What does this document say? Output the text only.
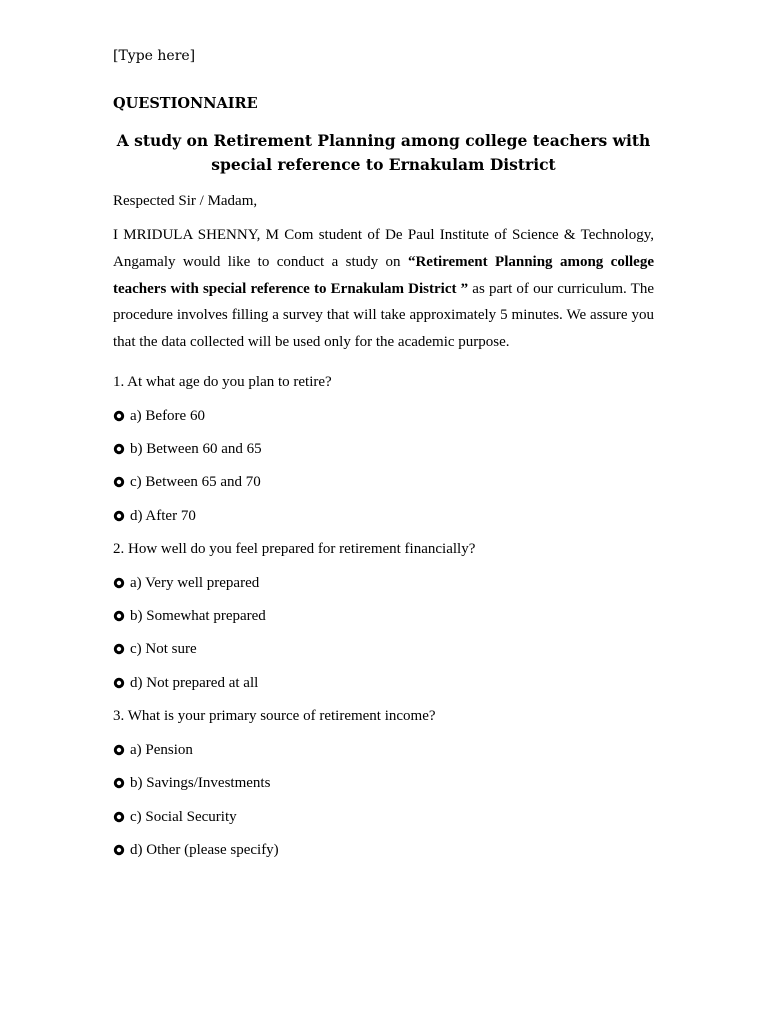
[Type here]
QUESTIONNAIRE
A study on Retirement Planning among college teachers with
special reference to Ernakulam District
Respected Sir / Madam,

I MRIDULA SHENNY, M Com student of De Paul Institute of Science & Technology, Angamaly would like to conduct a study on “Retirement Planning among college teachers with special reference to Ernakulam District ” as part of our curriculum. The procedure involves filling a survey that will take approximately 5 minutes. We assure you that the data collected will be used only for the academic purpose.

1. At what age do you plan to retire?
a) Before 60
b) Between 60 and 65
c) Between 65 and 70
d) After 70
2. How well do you feel prepared for retirement financially?
a) Very well prepared
b) Somewhat prepared
c) Not sure
d) Not prepared at all
3. What is your primary source of retirement income?
a) Pension
b) Savings/Investments
c) Social Security
d) Other (please specify)
